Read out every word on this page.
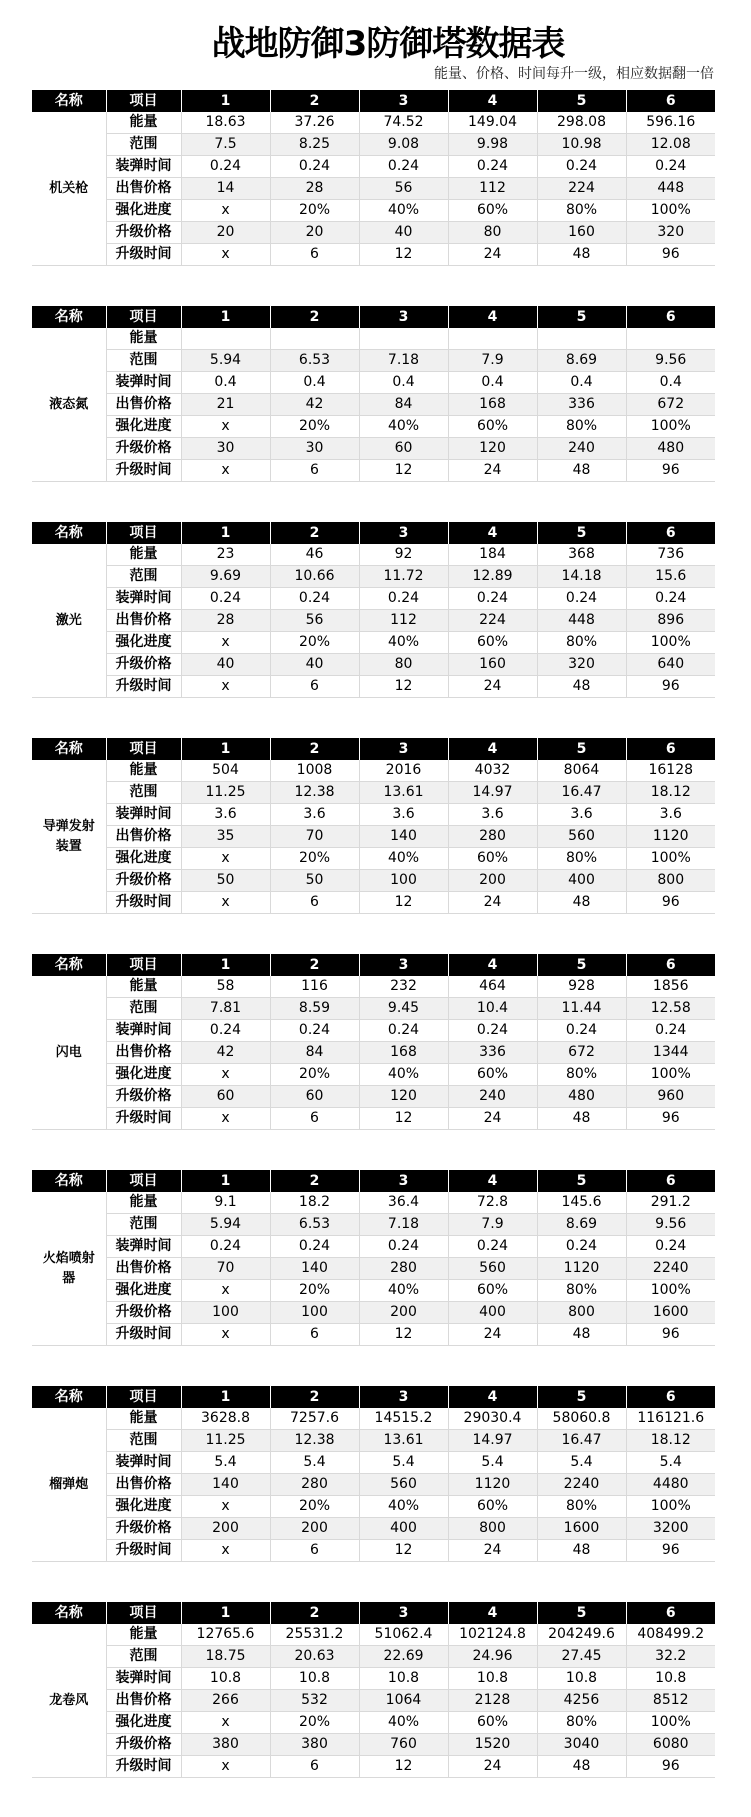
战地防御3防御塔数据表
能量、价格、时间每升一级，相应数据翻一倍
名称	项目	1	2	3	4	5	6
机关枪	能量	18.63	37.26	74.52	149.04	298.08	596.16
	范围	7.5	8.25	9.08	9.98	10.98	12.08
	装弹时间	0.24	0.24	0.24	0.24	0.24	0.24
	出售价格	14	28	56	112	224	448
	强化进度	x	20%	40%	60%	80%	100%
	升级价格	20	20	40	80	160	320
	升级时间	x	6	12	24	48	96
名称	项目	1	2	3	4	5	6
液态氮	能量						
	范围	5.94	6.53	7.18	7.9	8.69	9.56
	装弹时间	0.4	0.4	0.4	0.4	0.4	0.4
	出售价格	21	42	84	168	336	672
	强化进度	x	20%	40%	60%	80%	100%
	升级价格	30	30	60	120	240	480
	升级时间	x	6	12	24	48	96
名称	项目	1	2	3	4	5	6
激光	能量	23	46	92	184	368	736
	范围	9.69	10.66	11.72	12.89	14.18	15.6
	装弹时间	0.24	0.24	0.24	0.24	0.24	0.24
	出售价格	28	56	112	224	448	896
	强化进度	x	20%	40%	60%	80%	100%
	升级价格	40	40	80	160	320	640
	升级时间	x	6	12	24	48	96
名称	项目	1	2	3	4	5	6
导弹发射装置	能量	504	1008	2016	4032	8064	16128
	范围	11.25	12.38	13.61	14.97	16.47	18.12
	装弹时间	3.6	3.6	3.6	3.6	3.6	3.6
	出售价格	35	70	140	280	560	1120
	强化进度	x	20%	40%	60%	80%	100%
	升级价格	50	50	100	200	400	800
	升级时间	x	6	12	24	48	96
名称	项目	1	2	3	4	5	6
闪电	能量	58	116	232	464	928	1856
	范围	7.81	8.59	9.45	10.4	11.44	12.58
	装弹时间	0.24	0.24	0.24	0.24	0.24	0.24
	出售价格	42	84	168	336	672	1344
	强化进度	x	20%	40%	60%	80%	100%
	升级价格	60	60	120	240	480	960
	升级时间	x	6	12	24	48	96
名称	项目	1	2	3	4	5	6
火焰喷射器	能量	9.1	18.2	36.4	72.8	145.6	291.2
	范围	5.94	6.53	7.18	7.9	8.69	9.56
	装弹时间	0.24	0.24	0.24	0.24	0.24	0.24
	出售价格	70	140	280	560	1120	2240
	强化进度	x	20%	40%	60%	80%	100%
	升级价格	100	100	200	400	800	1600
	升级时间	x	6	12	24	48	96
名称	项目	1	2	3	4	5	6
榴弹炮	能量	3628.8	7257.6	14515.2	29030.4	58060.8	116121.6
	范围	11.25	12.38	13.61	14.97	16.47	18.12
	装弹时间	5.4	5.4	5.4	5.4	5.4	5.4
	出售价格	140	280	560	1120	2240	4480
	强化进度	x	20%	40%	60%	80%	100%
	升级价格	200	200	400	800	1600	3200
	升级时间	x	6	12	24	48	96
名称	项目	1	2	3	4	5	6
龙卷风	能量	12765.6	25531.2	51062.4	102124.8	204249.6	408499.2
	范围	18.75	20.63	22.69	24.96	27.45	32.2
	装弹时间	10.8	10.8	10.8	10.8	10.8	10.8
	出售价格	266	532	1064	2128	4256	8512
	强化进度	x	20%	40%	60%	80%	100%
	升级价格	380	380	760	1520	3040	6080
	升级时间	x	6	12	24	48	96
